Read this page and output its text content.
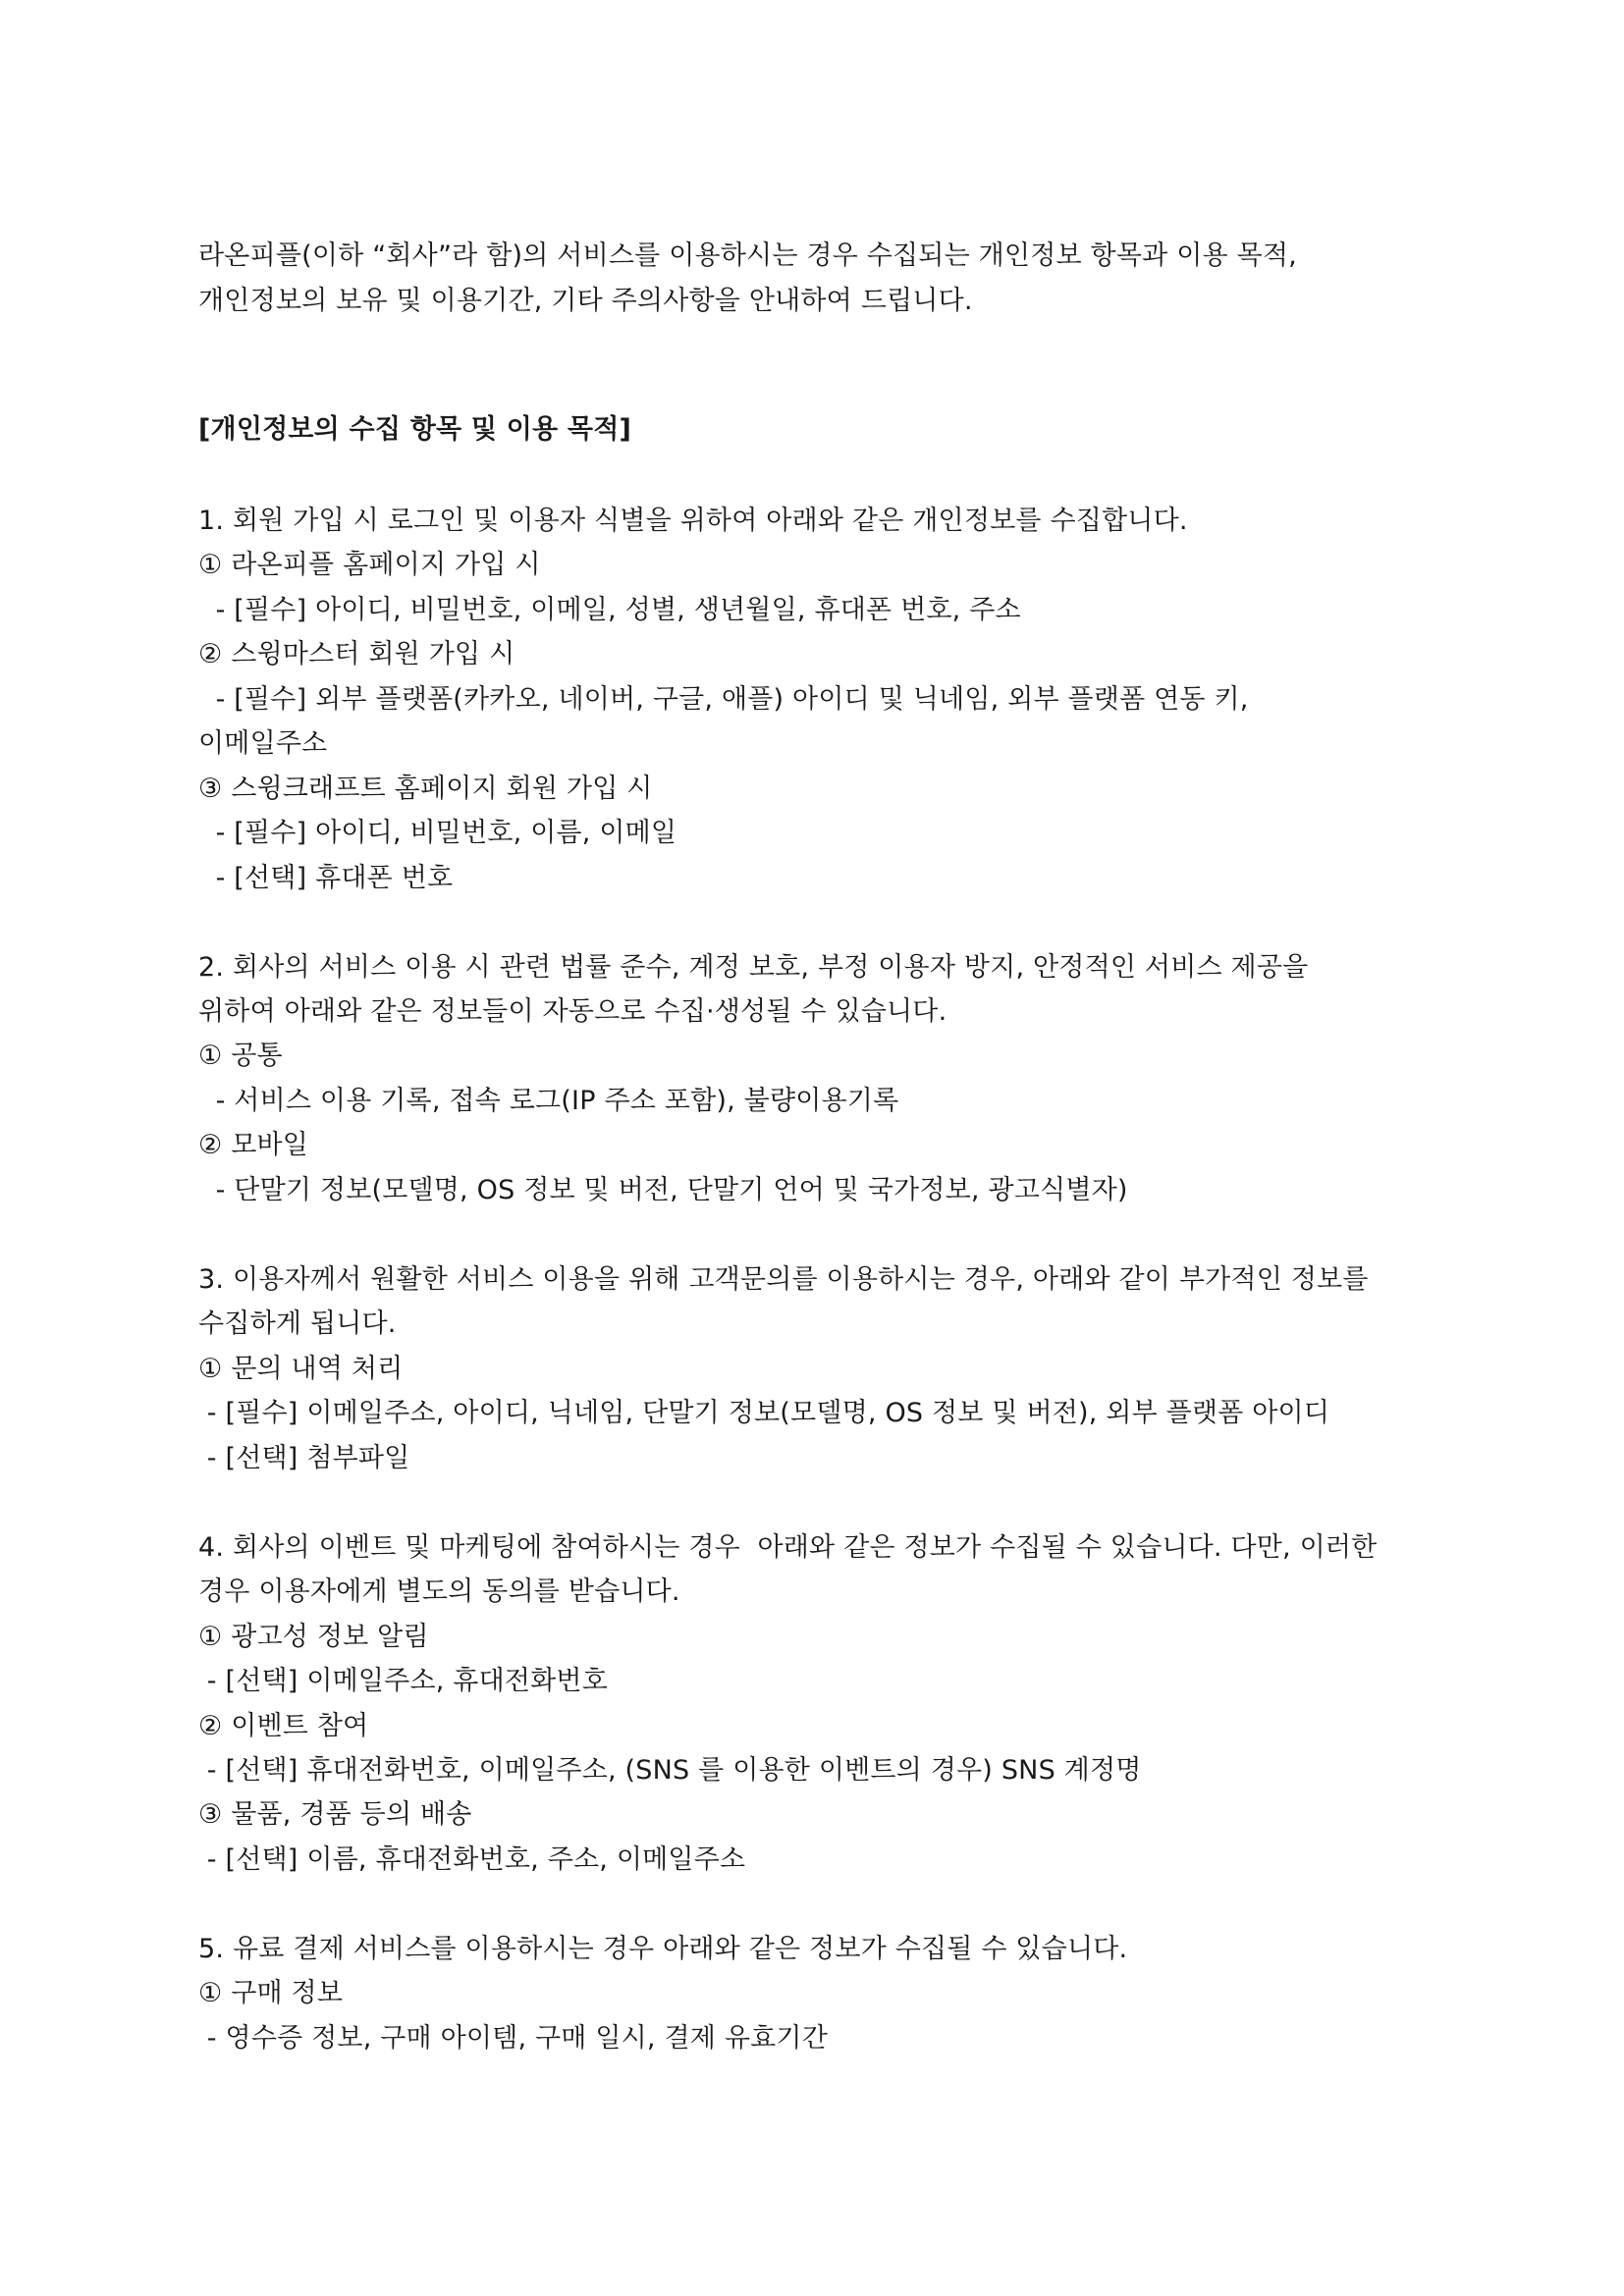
라온피플(이하 “회사”라 함)의 서비스를 이용하시는 경우 수집되는 개인정보 항목과 이용 목적,
개인정보의 보유 및 이용기간, 기타 주의사항을 안내하여 드립니다.
[개인정보의 수집 항목 및 이용 목적]
1. 회원 가입 시 로그인 및 이용자 식별을 위하여 아래와 같은 개인정보를 수집합니다.
① 라온피플 홈페이지 가입 시
- [필수] 아이디, 비밀번호, 이메일, 성별, 생년월일, 휴대폰 번호, 주소
② 스윙마스터 회원 가입 시
- [필수] 외부 플랫폼(카카오, 네이버, 구글, 애플) 아이디 및 닉네임, 외부 플랫폼 연동 키,
이메일주소
③ 스윙크래프트 홈페이지 회원 가입 시
- [필수] 아이디, 비밀번호, 이름, 이메일
- [선택] 휴대폰 번호
2. 회사의 서비스 이용 시 관련 법률 준수, 계정 보호, 부정 이용자 방지, 안정적인 서비스 제공을
위하여 아래와 같은 정보들이 자동으로 수집·생성될 수 있습니다.
① 공통
- 서비스 이용 기록, 접속 로그(IP 주소 포함), 불량이용기록
② 모바일
- 단말기 정보(모델명, OS 정보 및 버전, 단말기 언어 및 국가정보, 광고식별자)
3. 이용자께서 원활한 서비스 이용을 위해 고객문의를 이용하시는 경우, 아래와 같이 부가적인 정보를
수집하게 됩니다.
① 문의 내역 처리
- [필수] 이메일주소, 아이디, 닉네임, 단말기 정보(모델명, OS 정보 및 버전), 외부 플랫폼 아이디
- [선택] 첨부파일
4. 회사의 이벤트 및 마케팅에 참여하시는 경우  아래와 같은 정보가 수집될 수 있습니다. 다만, 이러한
경우 이용자에게 별도의 동의를 받습니다.
① 광고성 정보 알림
- [선택] 이메일주소, 휴대전화번호
② 이벤트 참여
- [선택] 휴대전화번호, 이메일주소, (SNS 를 이용한 이벤트의 경우) SNS 계정명
③ 물품, 경품 등의 배송
- [선택] 이름, 휴대전화번호, 주소, 이메일주소
5. 유료 결제 서비스를 이용하시는 경우 아래와 같은 정보가 수집될 수 있습니다.
① 구매 정보
- 영수증 정보, 구매 아이템, 구매 일시, 결제 유효기간
